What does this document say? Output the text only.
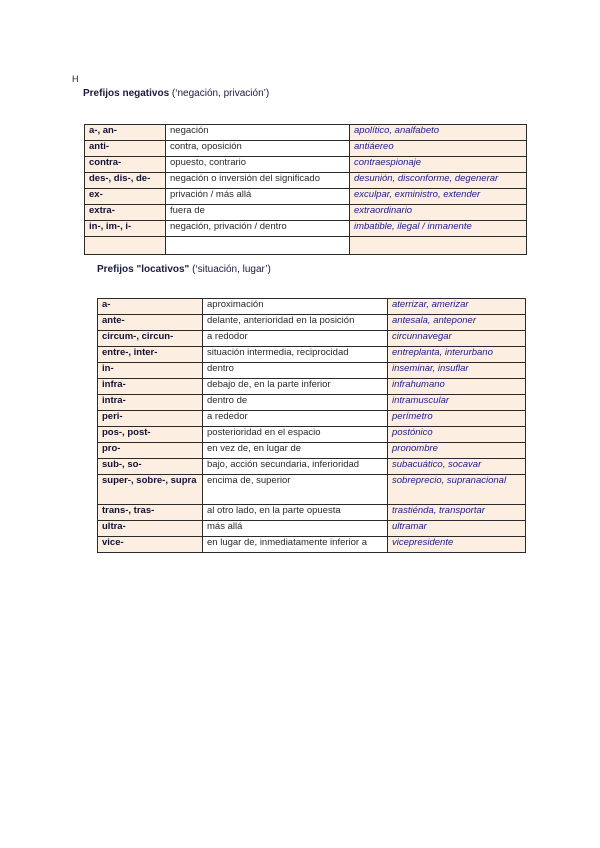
H
Prefijos negativos (‘negación, privación’)
a-, an-	negación	apolítico, analfabeto
anti-	contra, oposición	antiáereo
contra-	opuesto, contrario	contraespionaje
des-, dis-, de-	negación o inversión del significado	desunión, disconforme, degenerar
ex-	privación / más allá	exculpar, exministro, extender
extra-	fuera de	extraordinario
in-, im-, i-	negación, privación / dentro	imbatible, ilegal / inmanente

Prefijos "locativos" (‘situación, lugar’)
a-	aproximación	aterrizar, amerizar
ante-	delante, anterioridad en la posición	antesala, anteponer
circum-, circun-	a redodor	circunnavegar
entre-, inter-	situación intermedia, reciprocidad	entreplanta, interurbano
in-	dentro	inseminar, insuflar
infra-	debajo de, en la parte inferior	infrahumano
intra-	dentro de	intramuscular
peri-	a rededor	perímetro
pos-, post-	posterioridad en el espacio	postónico
pro-	en vez de, en lugar de	pronombre
sub-, so-	bajo, acción secundaria, inferioridad	subacuático, socavar
super-, sobre-, supra	encima de, superior	sobreprecio, supranacional
trans-, tras-	al otro lado, en la parte opuesta	trastiénda, transportar
ultra-	más allá	ultramar
vice-	en lugar de, inmediatamente inferior a	vicepresidente
